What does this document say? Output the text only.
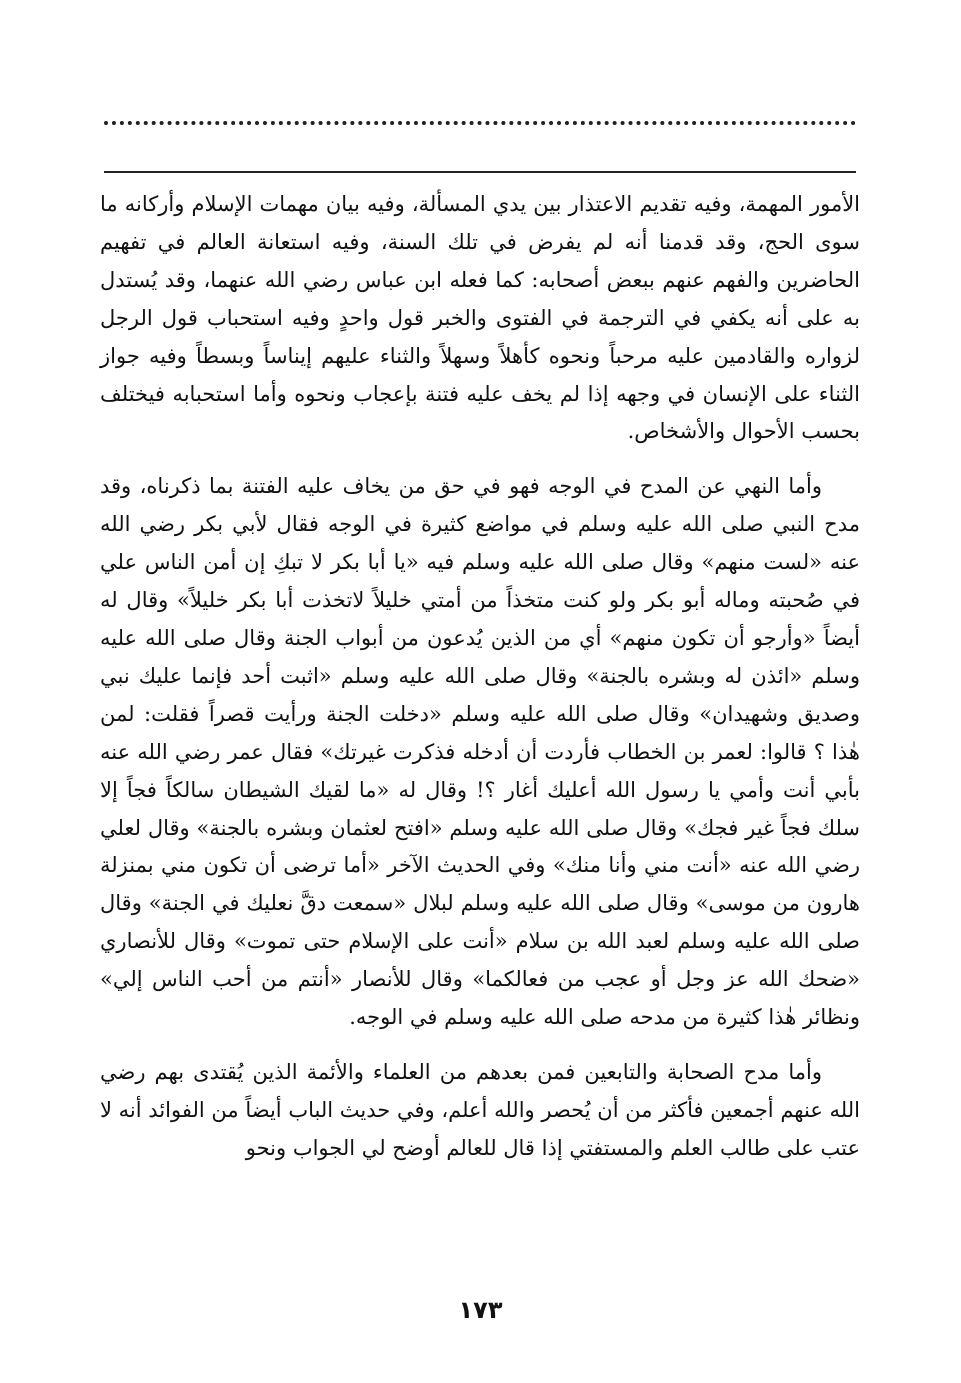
الأمور المهمة، وفيه تقديم الاعتذار بين يدي المسألة، وفيه بيان مهمات الإسلام وأركانه ما سوى الحج، وقد قدمنا أنه لم يفرض في تلك السنة، وفيه استعانة العالم في تفهيم الحاضرين والفهم عنهم ببعض أصحابه: كما فعله ابن عباس رضي الله عنهما، وقد يُستدل به على أنه يكفي في الترجمة في الفتوى والخبر قول واحدٍ وفيه استحباب قول الرجل لزواره والقادمين عليه مرحباً ونحوه كأهلاً وسهلاً والثناء عليهم إيناساً وبسطاً وفيه جواز الثناء على الإنسان في وجهه إذا لم يخف عليه فتنة بإعجاب ونحوه وأما استحبابه فيختلف بحسب الأحوال والأشخاص.

وأما النهي عن المدح في الوجه فهو في حق من يخاف عليه الفتنة بما ذكرناه، وقد مدح النبي صلى الله عليه وسلم في مواضع كثيرة في الوجه فقال لأبي بكر رضي الله عنه «لست منهم» وقال صلى الله عليه وسلم فيه «يا أبا بكر لا تبكِ إن أمن الناس علي في صُحبته وماله أبو بكر ولو كنت متخذاً من أمتي خليلاً لاتخذت أبا بكر خليلاً» وقال له أيضاً «وأرجو أن تكون منهم» أي من الذين يُدعون من أبواب الجنة وقال صلى الله عليه وسلم «ائذن له وبشره بالجنة» وقال صلى الله عليه وسلم «اثبت أحد فإنما عليك نبي وصديق وشهيدان» وقال صلى الله عليه وسلم «دخلت الجنة ورأيت قصراً فقلت: لمن هٰذا ؟ قالوا: لعمر بن الخطاب فأردت أن أدخله فذكرت غيرتك» فقال عمر رضي الله عنه بأبي أنت وأمي يا رسول الله أعليك أغار ؟! وقال له «ما لقيك الشيطان سالكاً فجاً إلا سلك فجاً غير فجك» وقال صلى الله عليه وسلم «افتح لعثمان وبشره بالجنة» وقال لعلي رضي الله عنه «أنت مني وأنا منك» وفي الحديث الآخر «أما ترضى أن تكون مني بمنزلة هارون من موسى» وقال صلى الله عليه وسلم لبلال «سمعت دقَّ نعليك في الجنة» وقال صلى الله عليه وسلم لعبد الله بن سلام «أنت على الإسلام حتى تموت» وقال للأنصاري «ضحك الله عز وجل أو عجب من فعالكما» وقال للأنصار «أنتم من أحب الناس إلي» ونظائر هٰذا كثيرة من مدحه صلى الله عليه وسلم في الوجه.

وأما مدح الصحابة والتابعين فمن بعدهم من العلماء والأئمة الذين يُقتدى بهم رضي الله عنهم أجمعين فأكثر من أن يُحصر والله أعلم، وفي حديث الباب أيضاً من الفوائد أنه لا عتب على طالب العلم والمستفتي إذا قال للعالم أوضح لي الجواب ونحو

١٧٣
